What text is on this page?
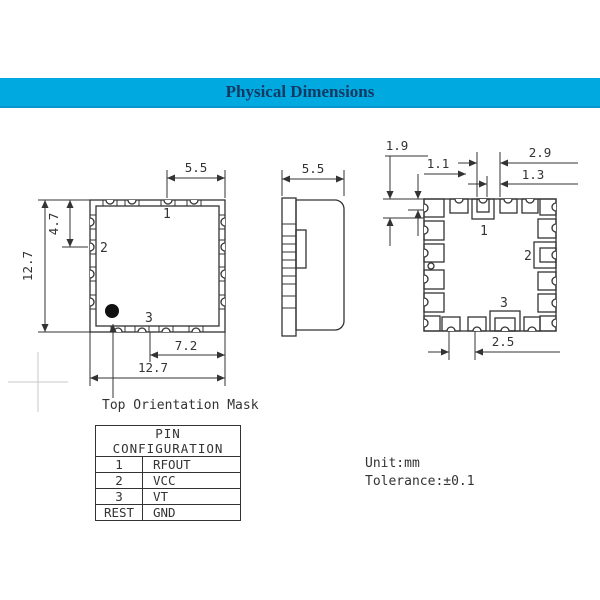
Physical Dimensions
1
2
3
5.5
4.7
12.7
7.2
12.7
Top Orientation Mask
5.5
1
2
3
1.9
1.1
2.9
1.3
2.5
PIN CONFIGURATION	
1	RFOUT
2	VCC
3	VT
REST	GND
Unit:mm
Tolerance:±0.1
